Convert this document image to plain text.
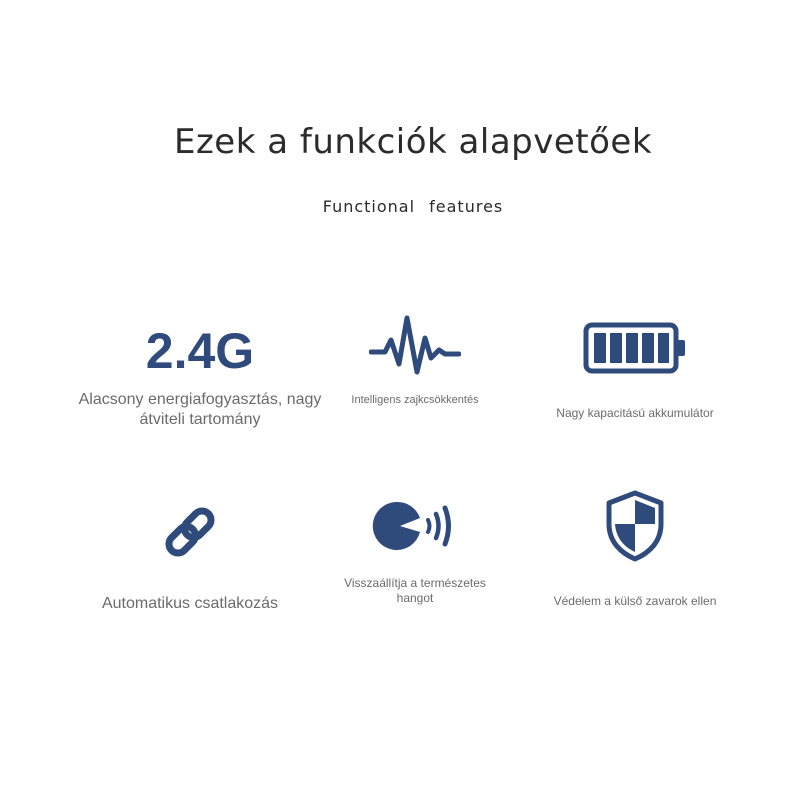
Ezek a funkciók alapvetőek
Functional features
2.4G
Alacsony energiafogyasztás, nagy átviteli tartomány
Intelligens zajkcsökkentés
Nagy kapacitású akkumulátor
Automatikus csatlakozás
Visszaállítja a természetes hangot	Védelem a külső zavarok ellen
